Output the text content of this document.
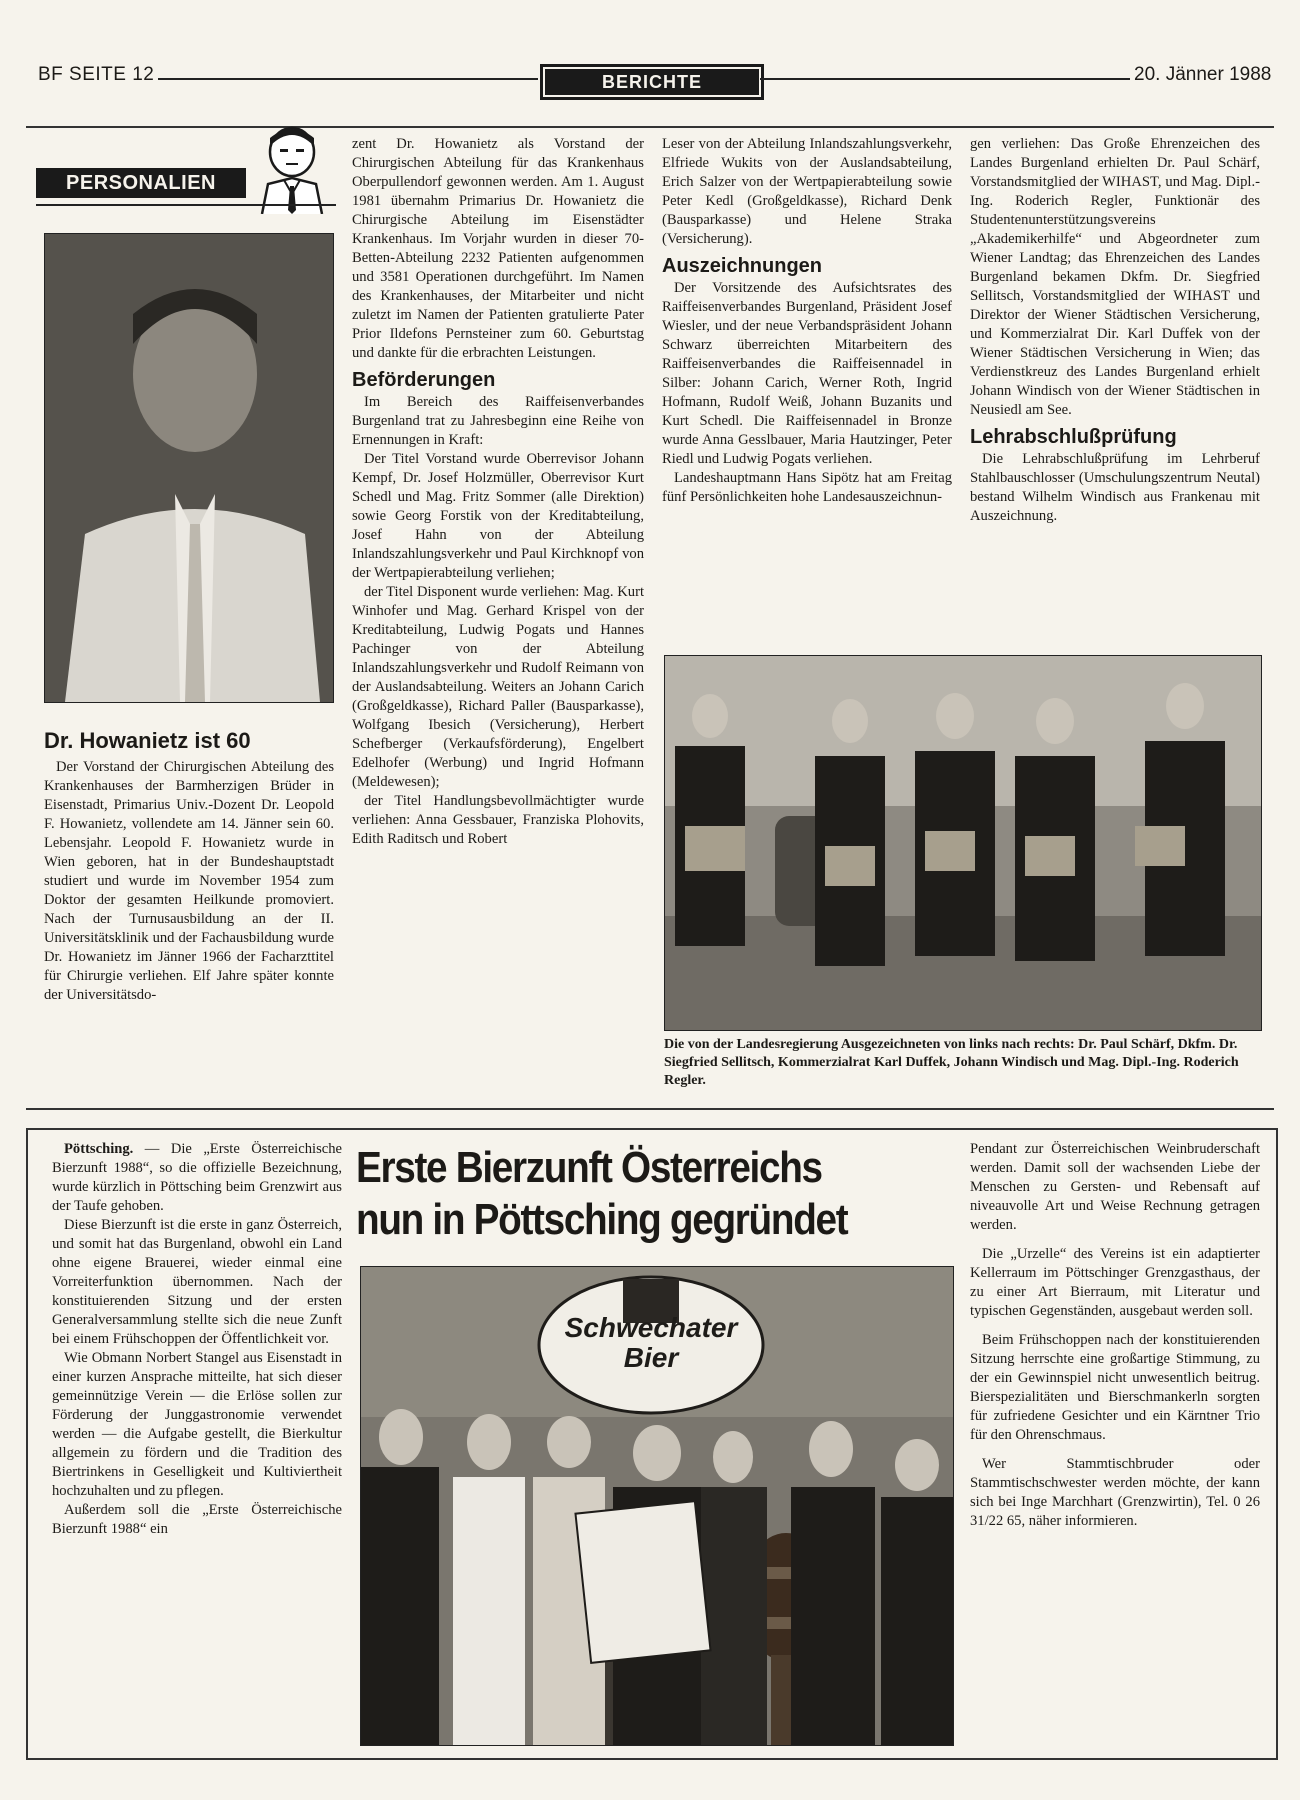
BF SEITE 12	BERICHTE	20. Jänner 1988
PERSONALIEN
Dr. Howanietz ist 60

Der Vorstand der Chirurgischen Abteilung des Krankenhauses der Barmherzigen Brüder in Eisenstadt, Primarius Univ.-Dozent Dr. Leopold F. Howanietz, vollendete am 14. Jänner sein 60. Lebensjahr. Leopold F. Howanietz wurde in Wien geboren, hat in der Bundeshauptstadt studiert und wurde im November 1954 zum Doktor der gesamten Heilkunde promoviert. Nach der Turnusausbildung an der II. Universitätsklinik und der Fachausbildung wurde Dr. Howanietz im Jänner 1966 der Facharzttitel für Chirurgie verliehen. Elf Jahre später konnte der Universitätsdo-

zent Dr. Howanietz als Vorstand der Chirurgischen Abteilung für das Krankenhaus Oberpullendorf gewonnen werden. Am 1. August 1981 übernahm Primarius Dr. Howanietz die Chirurgische Abteilung im Eisenstädter Krankenhaus. Im Vorjahr wurden in dieser 70-Betten-Abteilung 2232 Patienten aufgenommen und 3581 Operationen durchgeführt. Im Namen des Krankenhauses, der Mitarbeiter und nicht zuletzt im Namen der Patienten gratulierte Pater Prior Ildefons Pernsteiner zum 60. Geburtstag und dankte für die erbrachten Leistungen.

Beförderungen

Im Bereich des Raiffeisenverbandes Burgenland trat zu Jahresbeginn eine Reihe von Ernennungen in Kraft:

Der Titel Vorstand wurde Oberrevisor Johann Kempf, Dr. Josef Holzmüller, Oberrevisor Kurt Schedl und Mag. Fritz Sommer (alle Direktion) sowie Georg Forstik von der Kreditabteilung, Josef Hahn von der Abteilung Inlandszahlungsverkehr und Paul Kirchknopf von der Wertpapierabteilung verliehen;

der Titel Disponent wurde verliehen: Mag. Kurt Winhofer und Mag. Gerhard Krispel von der Kreditabteilung, Ludwig Pogats und Hannes Pachinger von der Abteilung Inlandszahlungsverkehr und Rudolf Reimann von der Auslandsabteilung. Weiters an Johann Carich (Großgeldkasse), Richard Paller (Bausparkasse), Wolfgang Ibesich (Versicherung), Herbert Schefberger (Verkaufsförderung), Engelbert Edelhofer (Werbung) und Ingrid Hofmann (Meldewesen);

der Titel Handlungsbevollmächtigter wurde verliehen: Anna Gessbauer, Franziska Plohovits, Edith Raditsch und Robert

Leser von der Abteilung Inlandszahlungsverkehr, Elfriede Wukits von der Auslandsabteilung, Erich Salzer von der Wertpapierabteilung sowie Peter Kedl (Großgeldkasse), Richard Denk (Bausparkasse) und Helene Straka (Versicherung).

Auszeichnungen

Der Vorsitzende des Aufsichtsrates des Raiffeisenverbandes Burgenland, Präsident Josef Wiesler, und der neue Verbandspräsident Johann Schwarz überreichten Mitarbeitern des Raiffeisenverbandes die Raiffeisennadel in Silber: Johann Carich, Werner Roth, Ingrid Hofmann, Rudolf Weiß, Johann Buzanits und Kurt Schedl. Die Raiffeisennadel in Bronze wurde Anna Gesslbauer, Maria Hautzinger, Peter Riedl und Ludwig Pogats verliehen.

Landeshauptmann Hans Sipötz hat am Freitag fünf Persönlichkeiten hohe Landesauszeichnun-

gen verliehen: Das Große Ehrenzeichen des Landes Burgenland erhielten Dr. Paul Schärf, Vorstandsmitglied der WIHAST, und Mag. Dipl.-Ing. Roderich Regler, Funktionär des Studentenunterstützungsvereins „Akademikerhilfe“ und Abgeordneter zum Wiener Landtag; das Ehrenzeichen des Landes Burgenland bekamen Dkfm. Dr. Siegfried Sellitsch, Vorstandsmitglied der WIHAST und Direktor der Wiener Städtischen Versicherung, und Kommerzialrat Dir. Karl Duffek von der Wiener Städtischen Versicherung in Wien; das Verdienstkreuz des Landes Burgenland erhielt Johann Windisch von der Wiener Städtischen in Neusiedl am See.

Lehrabschlußprüfung

Die Lehrabschlußprüfung im Lehrberuf Stahlbauschlosser (Umschulungszentrum Neutal) bestand Wilhelm Windisch aus Frankenau mit Auszeichnung.

Die von der Landesregierung Ausgezeichneten von links nach rechts: Dr. Paul Schärf, Dkfm. Dr. Siegfried Sellitsch, Kommerzialrat Karl Duffek, Johann Windisch und Mag. Dipl.-Ing. Roderich Regler.

Pöttsching. — Die „Erste Österreichische Bierzunft 1988“, so die offizielle Bezeichnung, wurde kürzlich in Pöttsching beim Grenzwirt aus der Taufe gehoben.

Diese Bierzunft ist die erste in ganz Österreich, und somit hat das Burgenland, obwohl ein Land ohne eigene Brauerei, wieder einmal eine Vorreiterfunktion übernommen. Nach der konstituierenden Sitzung und der ersten Generalversammlung stellte sich die neue Zunft bei einem Frühschoppen der Öffentlichkeit vor.

Wie Obmann Norbert Stangel aus Eisenstadt in einer kurzen Ansprache mitteilte, hat sich dieser gemeinnützige Verein — die Erlöse sollen zur Förderung der Junggastronomie verwendet werden — die Aufgabe gestellt, die Bierkultur allgemein zu fördern und die Tradition des Biertrinkens in Geselligkeit und Kultiviertheit hochzuhalten und zu pflegen.

Außerdem soll die „Erste Österreichische Bierzunft 1988“ ein

Erste Bierzunft Österreichs
nun in Pöttsching gegründet
Schwechater
Bier

Pendant zur Österreichischen Weinbruderschaft werden. Damit soll der wachsenden Liebe der Menschen zu Gersten- und Rebensaft auf niveauvolle Art und Weise Rechnung getragen werden.

Die „Urzelle“ des Vereins ist ein adaptierter Kellerraum im Pöttschinger Grenzgasthaus, der zu einer Art Bierraum, mit Literatur und typischen Gegenständen, ausgebaut werden soll.

Beim Frühschoppen nach der konstituierenden Sitzung herrschte eine großartige Stimmung, zu der ein Gewinnspiel nicht unwesentlich beitrug. Bierspezialitäten und Bierschmankerln sorgten für zufriedene Gesichter und ein Kärntner Trio für den Ohrenschmaus.

Wer Stammtischbruder oder Stammtischschwester werden möchte, der kann sich bei Inge Marchhart (Grenzwirtin), Tel. 0 26 31/22 65, näher informieren.
